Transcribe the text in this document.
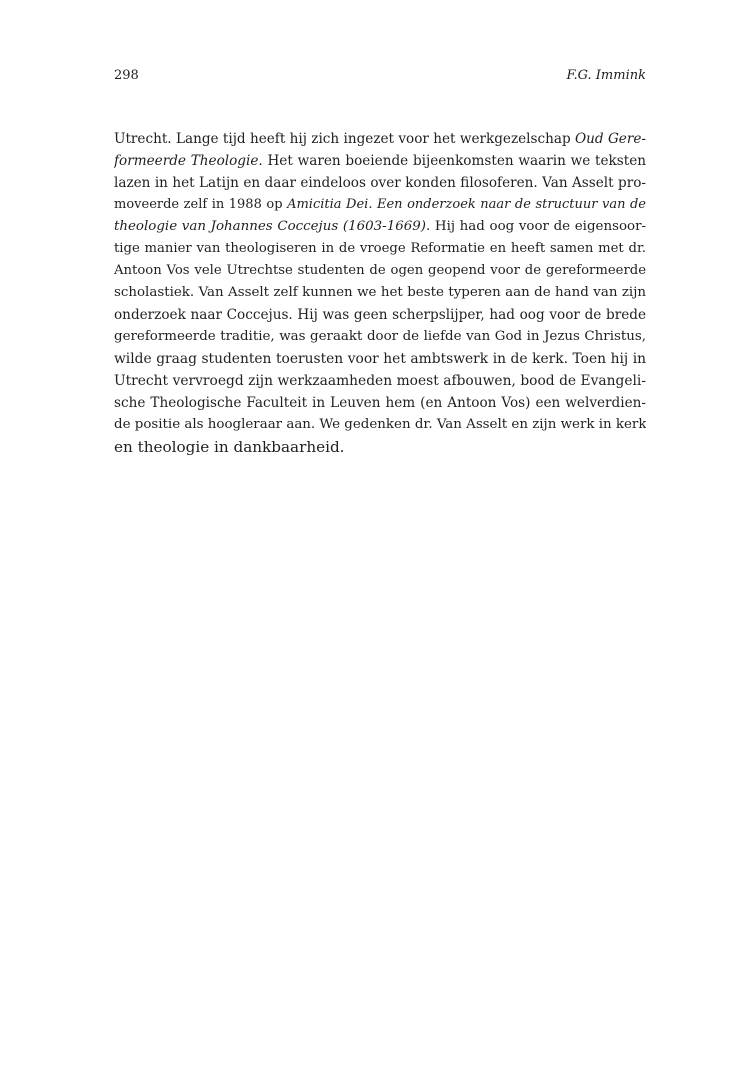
298	F.G. Immink

Utrecht. Lange tijd heeft hij zich ingezet voor het werkgezelschap Oud Gere-
formeerde Theologie. Het waren boeiende bijeenkomsten waarin we teksten
lazen in het Latijn en daar eindeloos over konden filosoferen. Van Asselt pro-
moveerde zelf in 1988 op Amicitia Dei. Een onderzoek naar de structuur van de
theologie van Johannes Coccejus (1603-1669). Hij had oog voor de eigensoor-
tige manier van theologiseren in de vroege Reformatie en heeft samen met dr.
Antoon Vos vele Utrechtse studenten de ogen geopend voor de gereformeerde
scholastiek. Van Asselt zelf kunnen we het beste typeren aan de hand van zijn
onderzoek naar Coccejus. Hij was geen scherpslijper, had oog voor de brede
gereformeerde traditie, was geraakt door de liefde van God in Jezus Christus,
wilde graag studenten toerusten voor het ambtswerk in de kerk. Toen hij in
Utrecht vervroegd zijn werkzaamheden moest afbouwen, bood de Evangeli-
sche Theologische Faculteit in Leuven hem (en Antoon Vos) een welverdien-
de positie als hoogleraar aan. We gedenken dr. Van Asselt en zijn werk in kerk
en theologie in dankbaarheid.
